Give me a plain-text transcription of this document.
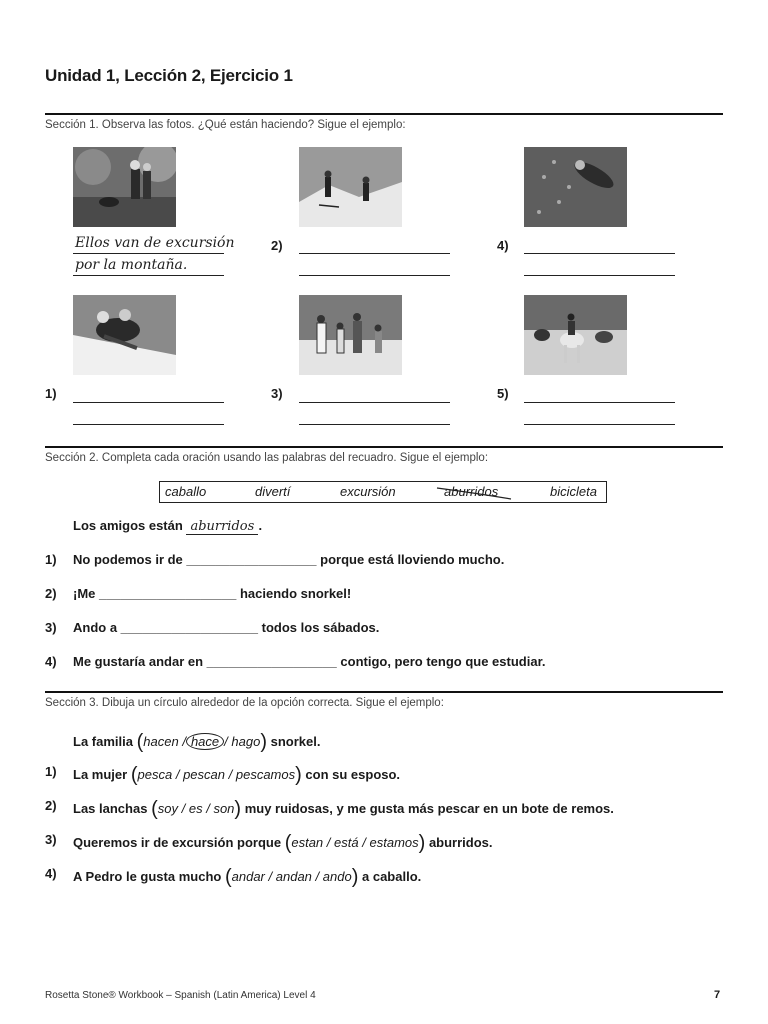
Unidad 1, Lección 2, Ejercicio 1
Sección 1. Observa las fotos. ¿Qué están haciendo? Sigue el ejemplo:
Ellos van de excursión
por la montaña.
2)	4)
1)	3)	5)
Sección 2. Completa cada oración usando las palabras del recuadro. Sigue el ejemplo:
caballo	divertí	excursión	aburridos	bicicleta
Los amigos están aburridos .
1) No podemos ir de __________________ porque está lloviendo mucho.
2) ¡Me ___________________ haciendo snorkel!
3) Ando a ___________________ todos los sábados.
4) Me gustaría andar en __________________ contigo, pero tengo que estudiar.
Sección 3. Dibuja un círculo alrededor de la opción correcta. Sigue el ejemplo:
La familia (hacen / hace / hago) snorkel.
1) La mujer (pesca / pescan / pescamos) con su esposo.
2) Las lanchas (soy / es / son) muy ruidosas, y me gusta más pescar en un bote de remos.
3) Queremos ir de excursión porque (estan / está / estamos) aburridos.
4) A Pedro le gusta mucho (andar / andan / ando) a caballo.
Rosetta Stone® Workbook – Spanish (Latin America) Level 4	7
